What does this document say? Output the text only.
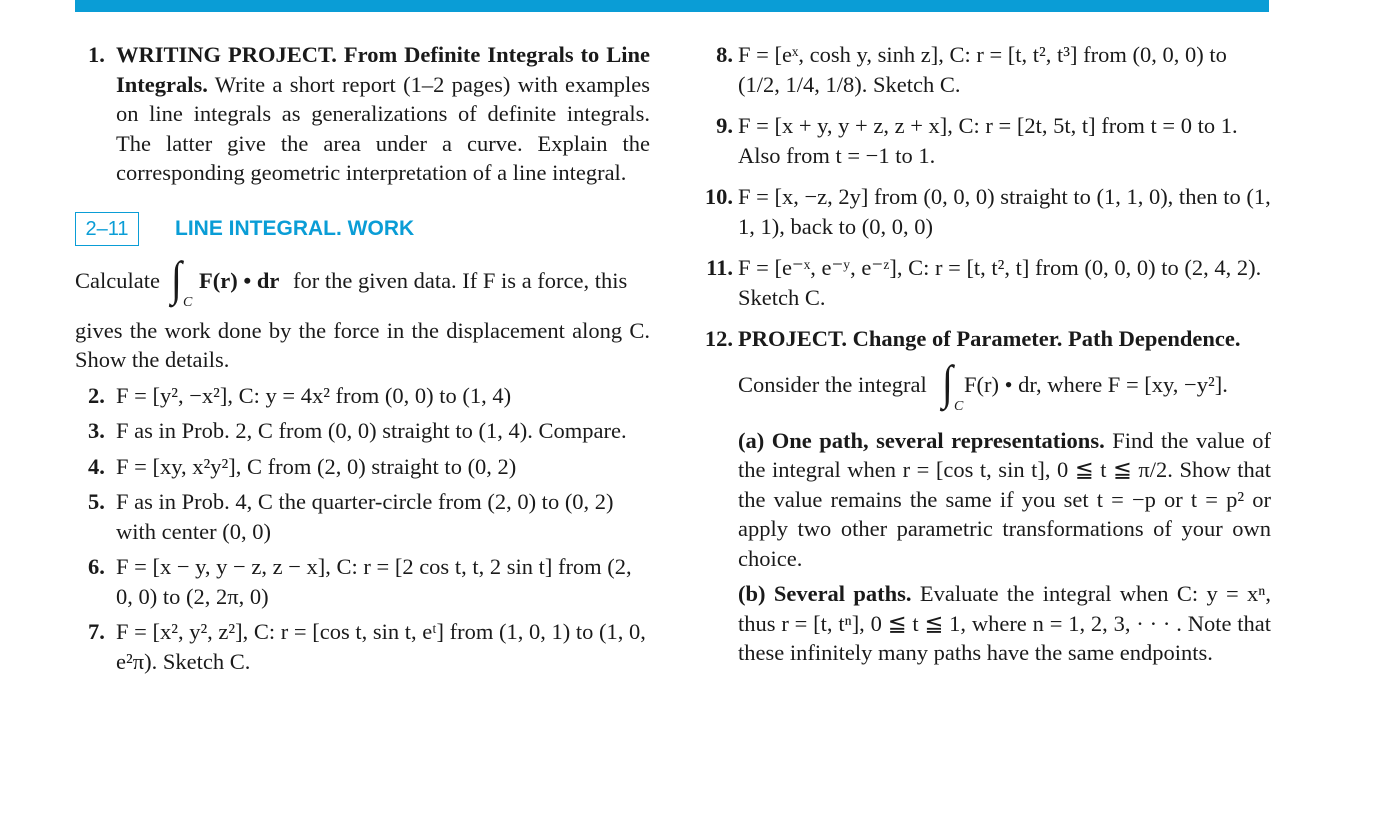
1. WRITING PROJECT. From Definite Integrals to Line Integrals. Write a short report (1–2 pages) with examples on line integrals as generalizations of definite integrals. The latter give the area under a curve. Explain the corresponding geometric interpretation of a line integral.
2–11	LINE INTEGRAL. WORK
Calculate ∫ C
F(r) • dr for the given data. If F is a force, this
gives the work done by the force in the displacement along C. Show the details.
2. F = [y², −x²], C: y = 4x² from (0, 0) to (1, 4)
3. F as in Prob. 2, C from (0, 0) straight to (1, 4). Compare.
4. F = [xy, x²y²], C from (2, 0) straight to (0, 2)
5. F as in Prob. 4, C the quarter-circle from (2, 0) to (0, 2) with center (0, 0)
6. F = [x − y, y − z, z − x], C: r = [2 cos t, t, 2 sin t] from (2, 0, 0) to (2, 2π, 0)
7. F = [x², y², z²], C: r = [cos t, sin t, eᵗ] from (1, 0, 1) to (1, 0, e²π). Sketch C.
8. F = [eˣ, cosh y, sinh z], C: r = [t, t², t³] from (0, 0, 0) to (1/2, 1/4, 1/8). Sketch C.
9. F = [x + y, y + z, z + x], C: r = [2t, 5t, t] from t = 0 to 1. Also from t = −1 to 1.
10. F = [x, −z, 2y] from (0, 0, 0) straight to (1, 1, 0), then to (1, 1, 1), back to (0, 0, 0)
11. F = [e⁻ˣ, e⁻ʸ, e⁻ᶻ], C: r = [t, t², t] from (0, 0, 0) to (2, 4, 2). Sketch C.
12. PROJECT. Change of Parameter. Path Dependence.
Consider the integral ∫ C
F(r) • dr, where F = [xy, −y²].
(a) One path, several representations. Find the value of the integral when r = [cos t, sin t], 0 ≦ t ≦ π/2. Show that the value remains the same if you set t = −p or t = p² or apply two other parametric transformations of your own choice.
(b) Several paths. Evaluate the integral when C: y = xⁿ, thus r = [t, tⁿ], 0 ≦ t ≦ 1, where n = 1, 2, 3, · · · . Note that these infinitely many paths have the same endpoints.
